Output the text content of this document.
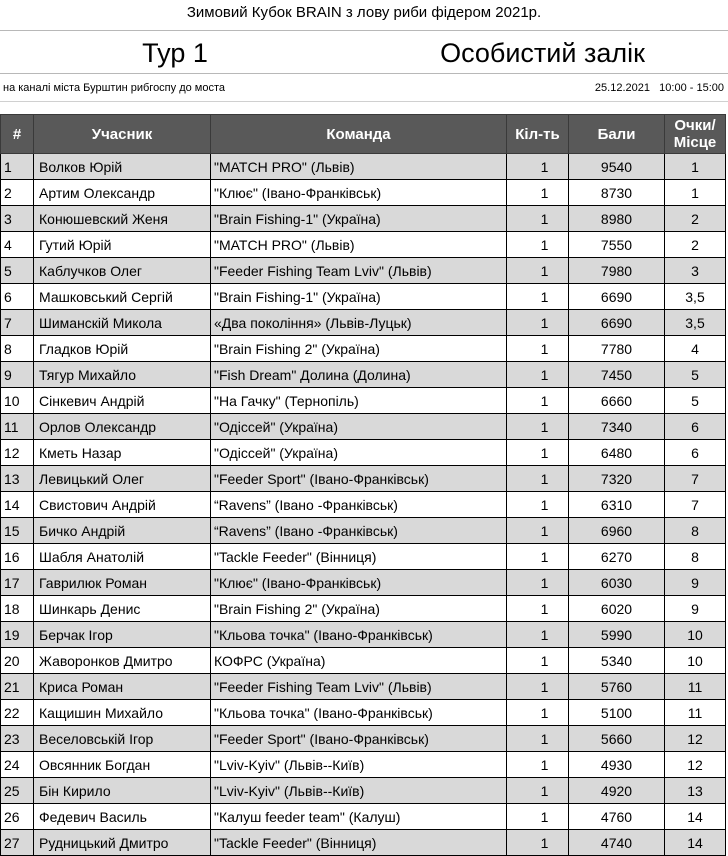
Зимовий Кубок BRAIN з лову риби фідером 2021р.
Тур 1	Особистий залік
на каналі міста Бурштин рибгоспу до моста	25.12.2021 10:00 - 15:00
#	Учасник	Команда	Кіл-ть	Бали	Очки/
Місце
1	Волков Юрій	"MATCH PRO" (Львів)	1	9540	1
2	Артим Олександр	"Клює" (Івано-Франківськ)	1	8730	1
3	Конюшевский Женя	"Brain Fishing-1" (Україна)	1	8980	2
4	Гутий Юрій	"MATCH PRO" (Львів)	1	7550	2
5	Каблучков Олег	"Feeder Fishing Team Lviv" (Львів)	1	7980	3
6	Машковський Сергій	"Brain Fishing-1" (Україна)	1	6690	3,5
7	Шиманскій Микола	«Два покоління» (Львів-Луцьк)	1	6690	3,5
8	Гладков Юрій	"Brain Fishing 2" (Україна)	1	7780	4
9	Тягур Михайло	"Fish Dream" Долина (Долина)	1	7450	5
10	Сінкевич Андрій	"На Гачку" (Тернопіль)	1	6660	5
11	Орлов Олександр	"Одіссей" (Україна)	1	7340	6
12	Кметь Назар	"Одіссей" (Україна)	1	6480	6
13	Левицький Олег	"Feeder Sport" (Івано-Франківськ)	1	7320	7
14	Свистович Андрій	“Ravens” (Івано -Франківськ)	1	6310	7
15	Бичко Андрій	“Ravens” (Івано -Франківськ)	1	6960	8
16	Шабля Анатолій	"Tackle Feeder" (Вінниця)	1	6270	8
17	Гаврилюк Роман	"Клює" (Івано-Франківськ)	1	6030	9
18	Шинкарь Денис	"Brain Fishing 2" (Україна)	1	6020	9
19	Берчак Ігор	"Кльова точка" (Івано-Франківськ)	1	5990	10
20	Жаворонков Дмитро	КОФРС (Україна)	1	5340	10
21	Криса Роман	"Feeder Fishing Team Lviv" (Львів)	1	5760	11
22	Кащишин Михайло	"Кльова точка" (Івано-Франківськ)	1	5100	11
23	Веселовській Ігор	"Feeder Sport" (Івано-Франківськ)	1	5660	12
24	Овсянник Богдан	"Lviv-Kyiv" (Львів--Київ)	1	4930	12
25	Бін Кирило	"Lviv-Kyiv" (Львів--Київ)	1	4920	13
26	Федевич Василь	"Калуш feeder team" (Калуш)	1	4760	14
27	Рудницький Дмитро	"Tackle Feeder" (Вінниця)	1	4740	14
